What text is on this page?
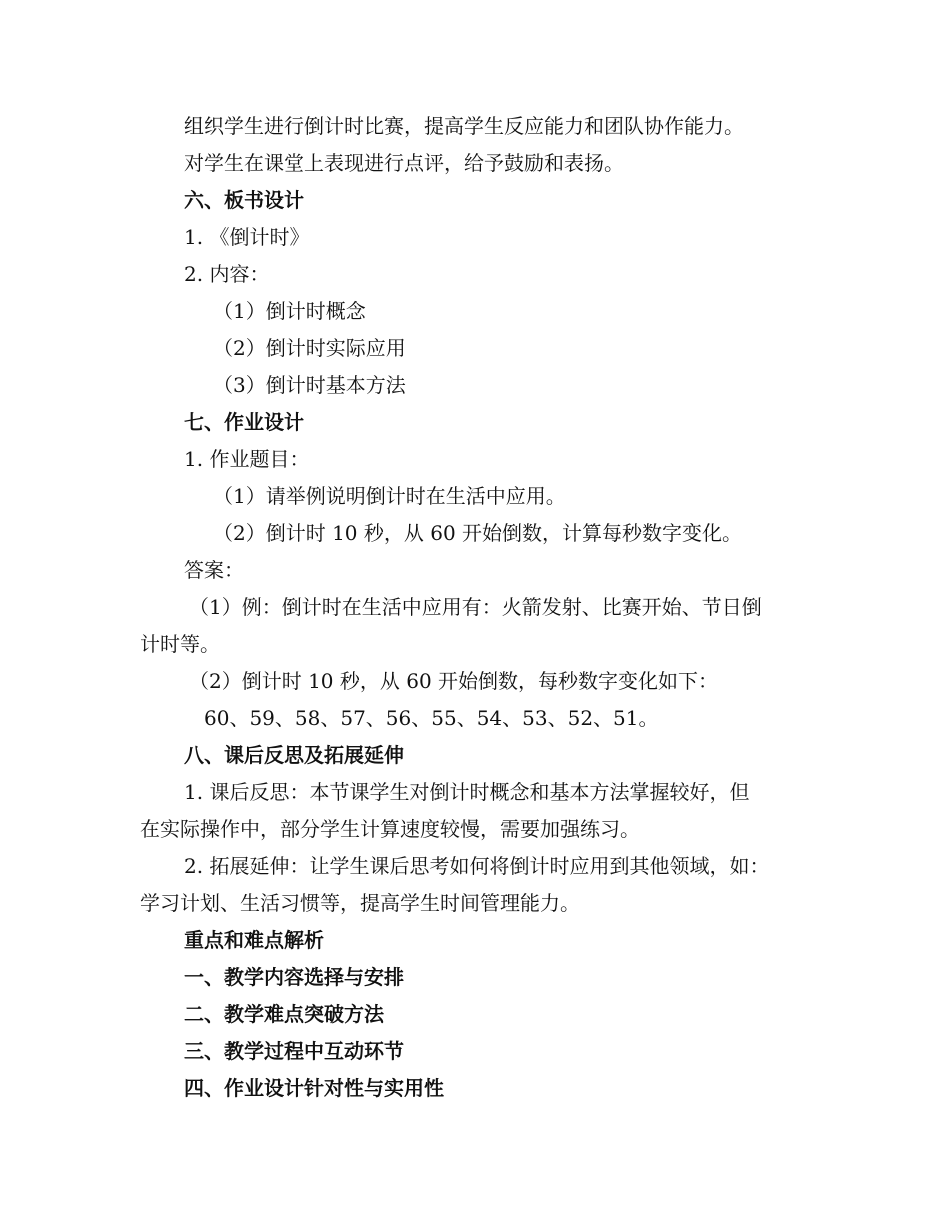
组织学生进行倒计时比赛，提高学生反应能力和团队协作能力。
对学生在课堂上表现进行点评，给予鼓励和表扬。
六、板书设计
1. 《倒计时》
2. 内容：
（1）倒计时概念
（2）倒计时实际应用
（3）倒计时基本方法
七、作业设计
1. 作业题目：
（1）请举例说明倒计时在生活中应用。
（2）倒计时 10 秒，从 60 开始倒数，计算每秒数字变化。
答案：
（1）例：倒计时在生活中应用有：火箭发射、比赛开始、节日倒
计时等。
（2）倒计时 10 秒，从 60 开始倒数，每秒数字变化如下：
60、59、58、57、56、55、54、53、52、51。
八、课后反思及拓展延伸
1. 课后反思：本节课学生对倒计时概念和基本方法掌握较好，但
在实际操作中，部分学生计算速度较慢，需要加强练习。
2. 拓展延伸：让学生课后思考如何将倒计时应用到其他领域，如：
学习计划、生活习惯等，提高学生时间管理能力。
重点和难点解析
一、教学内容选择与安排
二、教学难点突破方法
三、教学过程中互动环节
四、作业设计针对性与实用性
